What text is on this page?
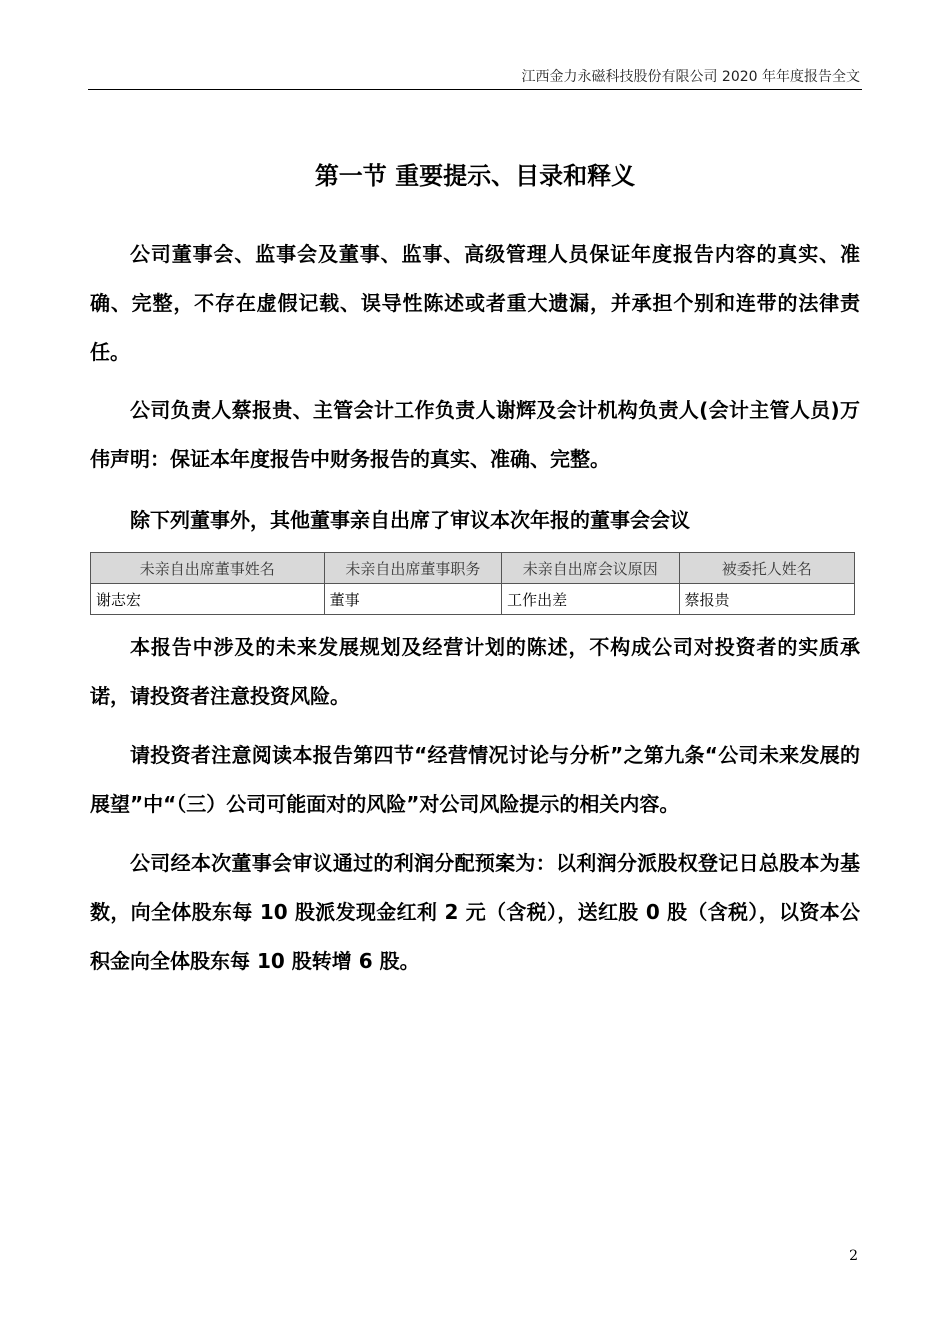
江西金力永磁科技股份有限公司 2020 年年度报告全文
第一节 重要提示、目录和释义

公司董事会、监事会及董事、监事、高级管理人员保证年度报告内容的真实、准确、完整，不存在虚假记载、误导性陈述或者重大遗漏，并承担个别和连带的法律责任。

公司负责人蔡报贵、主管会计工作负责人谢辉及会计机构负责人(会计主管人员)万伟声明：保证本年度报告中财务报告的真实、准确、完整。

除下列董事外，其他董事亲自出席了审议本次年报的董事会会议

未亲自出席董事姓名	未亲自出席董事职务	未亲自出席会议原因	被委托人姓名
谢志宏	董事	工作出差	蔡报贵

本报告中涉及的未来发展规划及经营计划的陈述，不构成公司对投资者的实质承诺，请投资者注意投资风险。

请投资者注意阅读本报告第四节“经营情况讨论与分析”之第九条“公司未来发展的展望”中“（三）公司可能面对的风险”对公司风险提示的相关内容。

公司经本次董事会审议通过的利润分配预案为：以利润分派股权登记日总股本为基数，向全体股东每 10 股派发现金红利 2 元（含税），送红股 0 股（含税），以资本公积金向全体股东每 10 股转增 6 股。

2
